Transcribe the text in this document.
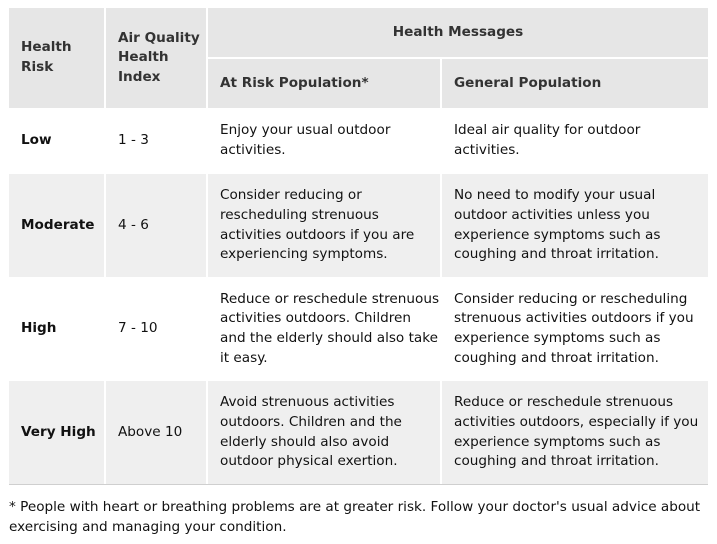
Health Risk	Air Quality Health Index	Health Messages	
		At Risk Population*	General Population
Low	1 - 3	Enjoy your usual outdoor activities.	Ideal air quality for outdoor activities.
Moderate	4 - 6	Consider reducing or rescheduling strenuous activities outdoors if you are experiencing symptoms.	No need to modify your usual outdoor activities unless you experience symptoms such as coughing and throat irritation.
High	7 - 10	Reduce or reschedule strenuous activities outdoors. Children and the elderly should also take it easy.	Consider reducing or rescheduling strenuous activities outdoors if you experience symptoms such as coughing and throat irritation.
Very High	Above 10	Avoid strenuous activities outdoors. Children and the elderly should also avoid outdoor physical exertion.	Reduce or reschedule strenuous activities outdoors, especially if you experience symptoms such as coughing and throat irritation.
* People with heart or breathing problems are at greater risk. Follow your doctor's usual advice about exercising and managing your condition.
